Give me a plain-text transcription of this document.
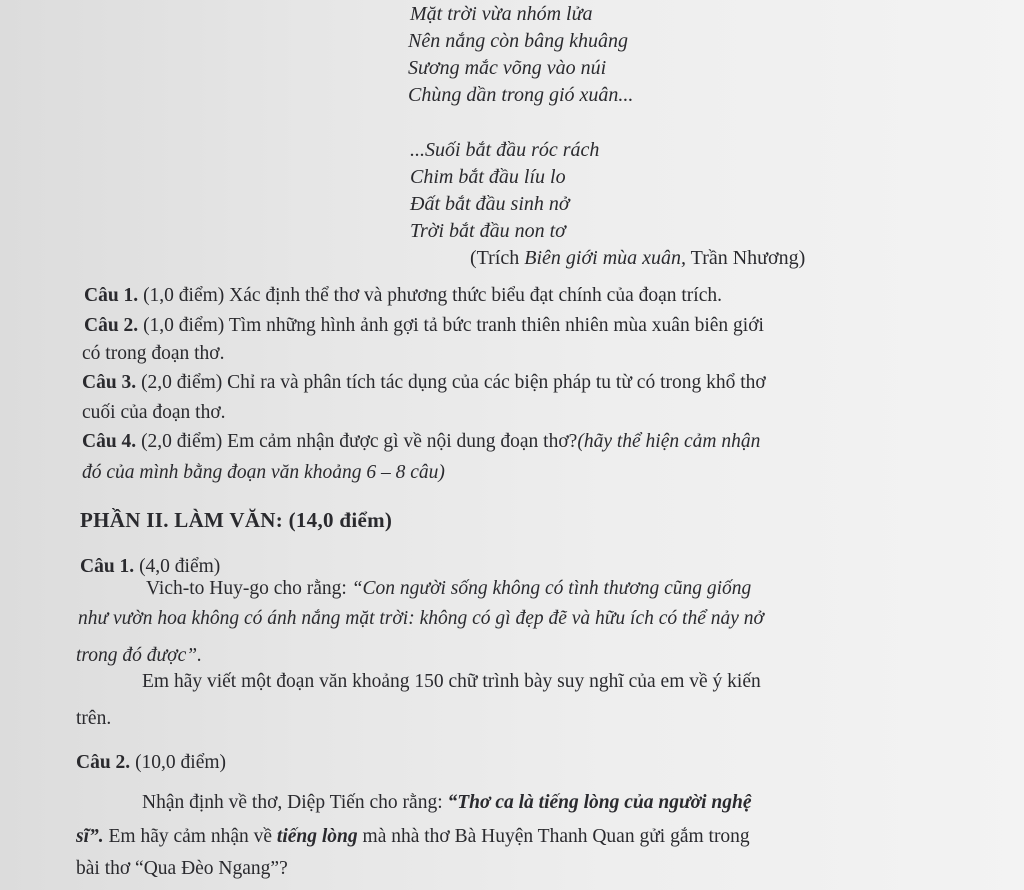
Mặt trời vừa nhóm lửa
Nên nắng còn bâng khuâng
Sương mắc võng vào núi
Chùng dần trong gió xuân...
...Suối bắt đầu róc rách
Chim bắt đầu líu lo
Đất bắt đầu sinh nở
Trời bắt đầu non tơ
(Trích Biên giới mùa xuân, Trần Nhương)
Câu 1. (1,0 điểm) Xác định thể thơ và phương thức biểu đạt chính của đoạn trích.
Câu 2. (1,0 điểm) Tìm những hình ảnh gợi tả bức tranh thiên nhiên mùa xuân biên giới
có trong đoạn thơ.
Câu 3. (2,0 điểm) Chỉ ra và phân tích tác dụng của các biện pháp tu từ có trong khổ thơ
cuối của đoạn thơ.
Câu 4. (2,0 điểm) Em cảm nhận được gì về nội dung đoạn thơ?(hãy thể hiện cảm nhận
đó của mình bằng đoạn văn khoảng 6 – 8 câu)
PHẦN II. LÀM VĂN: (14,0 điểm)
Câu 1. (4,0 điểm)
Vich-to Huy-go cho rằng: “Con người sống không có tình thương cũng giống
như vườn hoa không có ánh nắng mặt trời: không có gì đẹp đẽ và hữu ích có thể nảy nở
trong đó được”.
Em hãy viết một đoạn văn khoảng 150 chữ trình bày suy nghĩ của em về ý kiến
trên.
Câu 2. (10,0 điểm)
Nhận định về thơ, Diệp Tiến cho rằng: “Thơ ca là tiếng lòng của người nghệ
sĩ”. Em hãy cảm nhận về tiếng lòng mà nhà thơ Bà Huyện Thanh Quan gửi gắm trong
bài thơ “Qua Đèo Ngang”?
